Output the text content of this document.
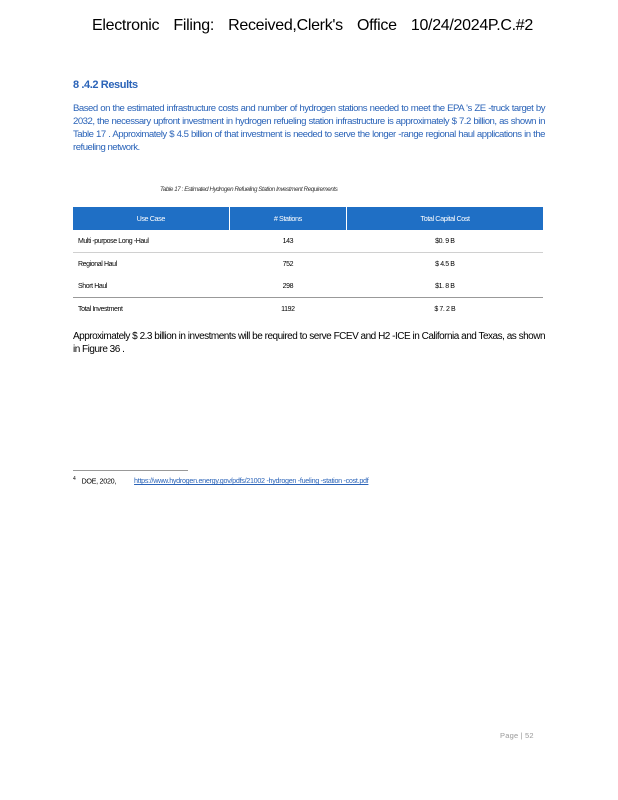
Electronic Filing: Received,Clerk's Office 10/24/2024P.C.#2
8 .4.2 Results
Based on the estimated infrastructure costs and number of hydrogen stations needed to meet the EPA 's ZE -truck target by 2032, the necessary upfront investment in hydrogen refueling station infrastructure is approximately $ 7.2 billion, as shown in Table 17 . Approximately $ 4.5 billion of that investment is needed to serve the longer -range regional haul applications in the refueling network.
Table 17 : Estimated Hydrogen Refueling Station Investment Requirements
Use Case	# Stations	Total Capital Cost
Multi -purpose Long -Haul	143	$0. 9 B
Regional Haul	752	$ 4.5 B
Short Haul	298	$1. 8 B
Total Investment	1192	$ 7. 2 B
Approximately $ 2.3 billion in investments will be required to serve FCEV and H2 -ICE in California and Texas, as shown in Figure 36 .
$^4$ DOE, 2020,	https://www.hydrogen.energy.gov/pdfs/21002 -hydrogen -fueling -station -cost.pdf
Page | 52
